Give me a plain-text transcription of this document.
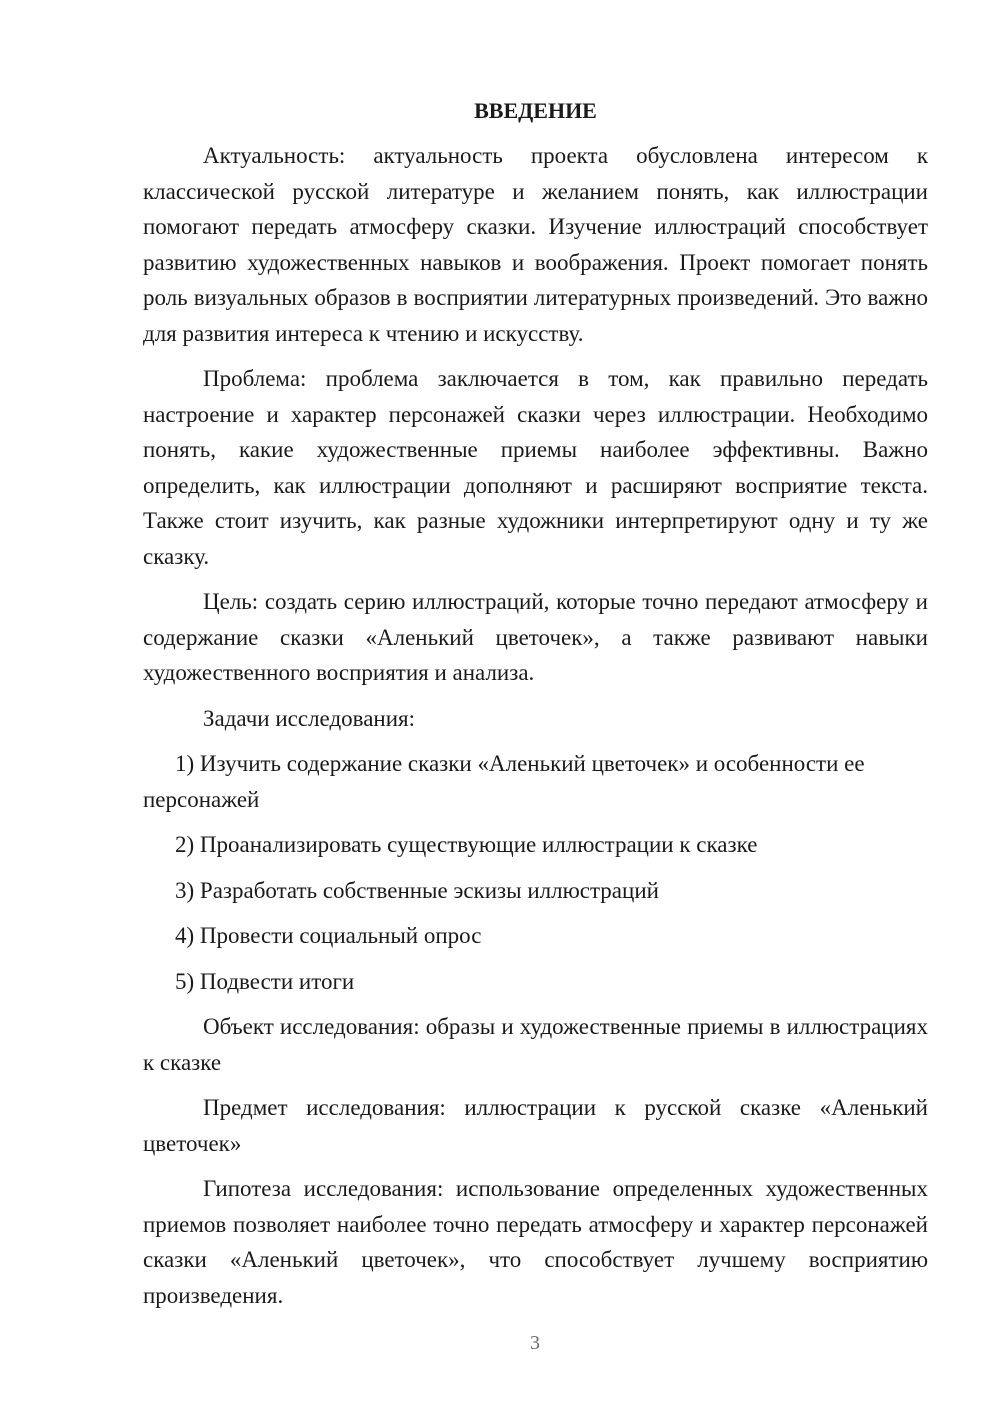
ВВЕДЕНИЕ

Актуальность: актуальность проекта обусловлена интересом к классической русской литературе и желанием понять, как иллюстрации помогают передать атмосферу сказки. Изучение иллюстраций способствует развитию художественных навыков и воображения. Проект помогает понять роль визуальных образов в восприятии литературных произведений. Это важно для развития интереса к чтению и искусству.

Проблема: проблема заключается в том, как правильно передать настроение и характер персонажей сказки через иллюстрации. Необходимо понять, какие художественные приемы наиболее эффективны. Важно определить, как иллюстрации дополняют и расширяют восприятие текста. Также стоит изучить, как разные художники интерпретируют одну и ту же сказку.

Цель: создать серию иллюстраций, которые точно передают атмосферу и содержание сказки «Аленький цветочек», а также развивают навыки художественного восприятия и анализа.

Задачи исследования:

1) Изучить содержание сказки «Аленький цветочек» и особенности ее персонажей

2) Проанализировать существующие иллюстрации к сказке

3) Разработать собственные эскизы иллюстраций

4) Провести социальный опрос

5) Подвести итоги

Объект исследования: образы и художественные приемы в иллюстрациях к сказке

Предмет исследования: иллюстрации к русской сказке «Аленький цветочек»

Гипотеза исследования: использование определенных художественных приемов позволяет наиболее точно передать атмосферу и характер персонажей сказки «Аленький цветочек», что способствует лучшему восприятию произведения.

3
